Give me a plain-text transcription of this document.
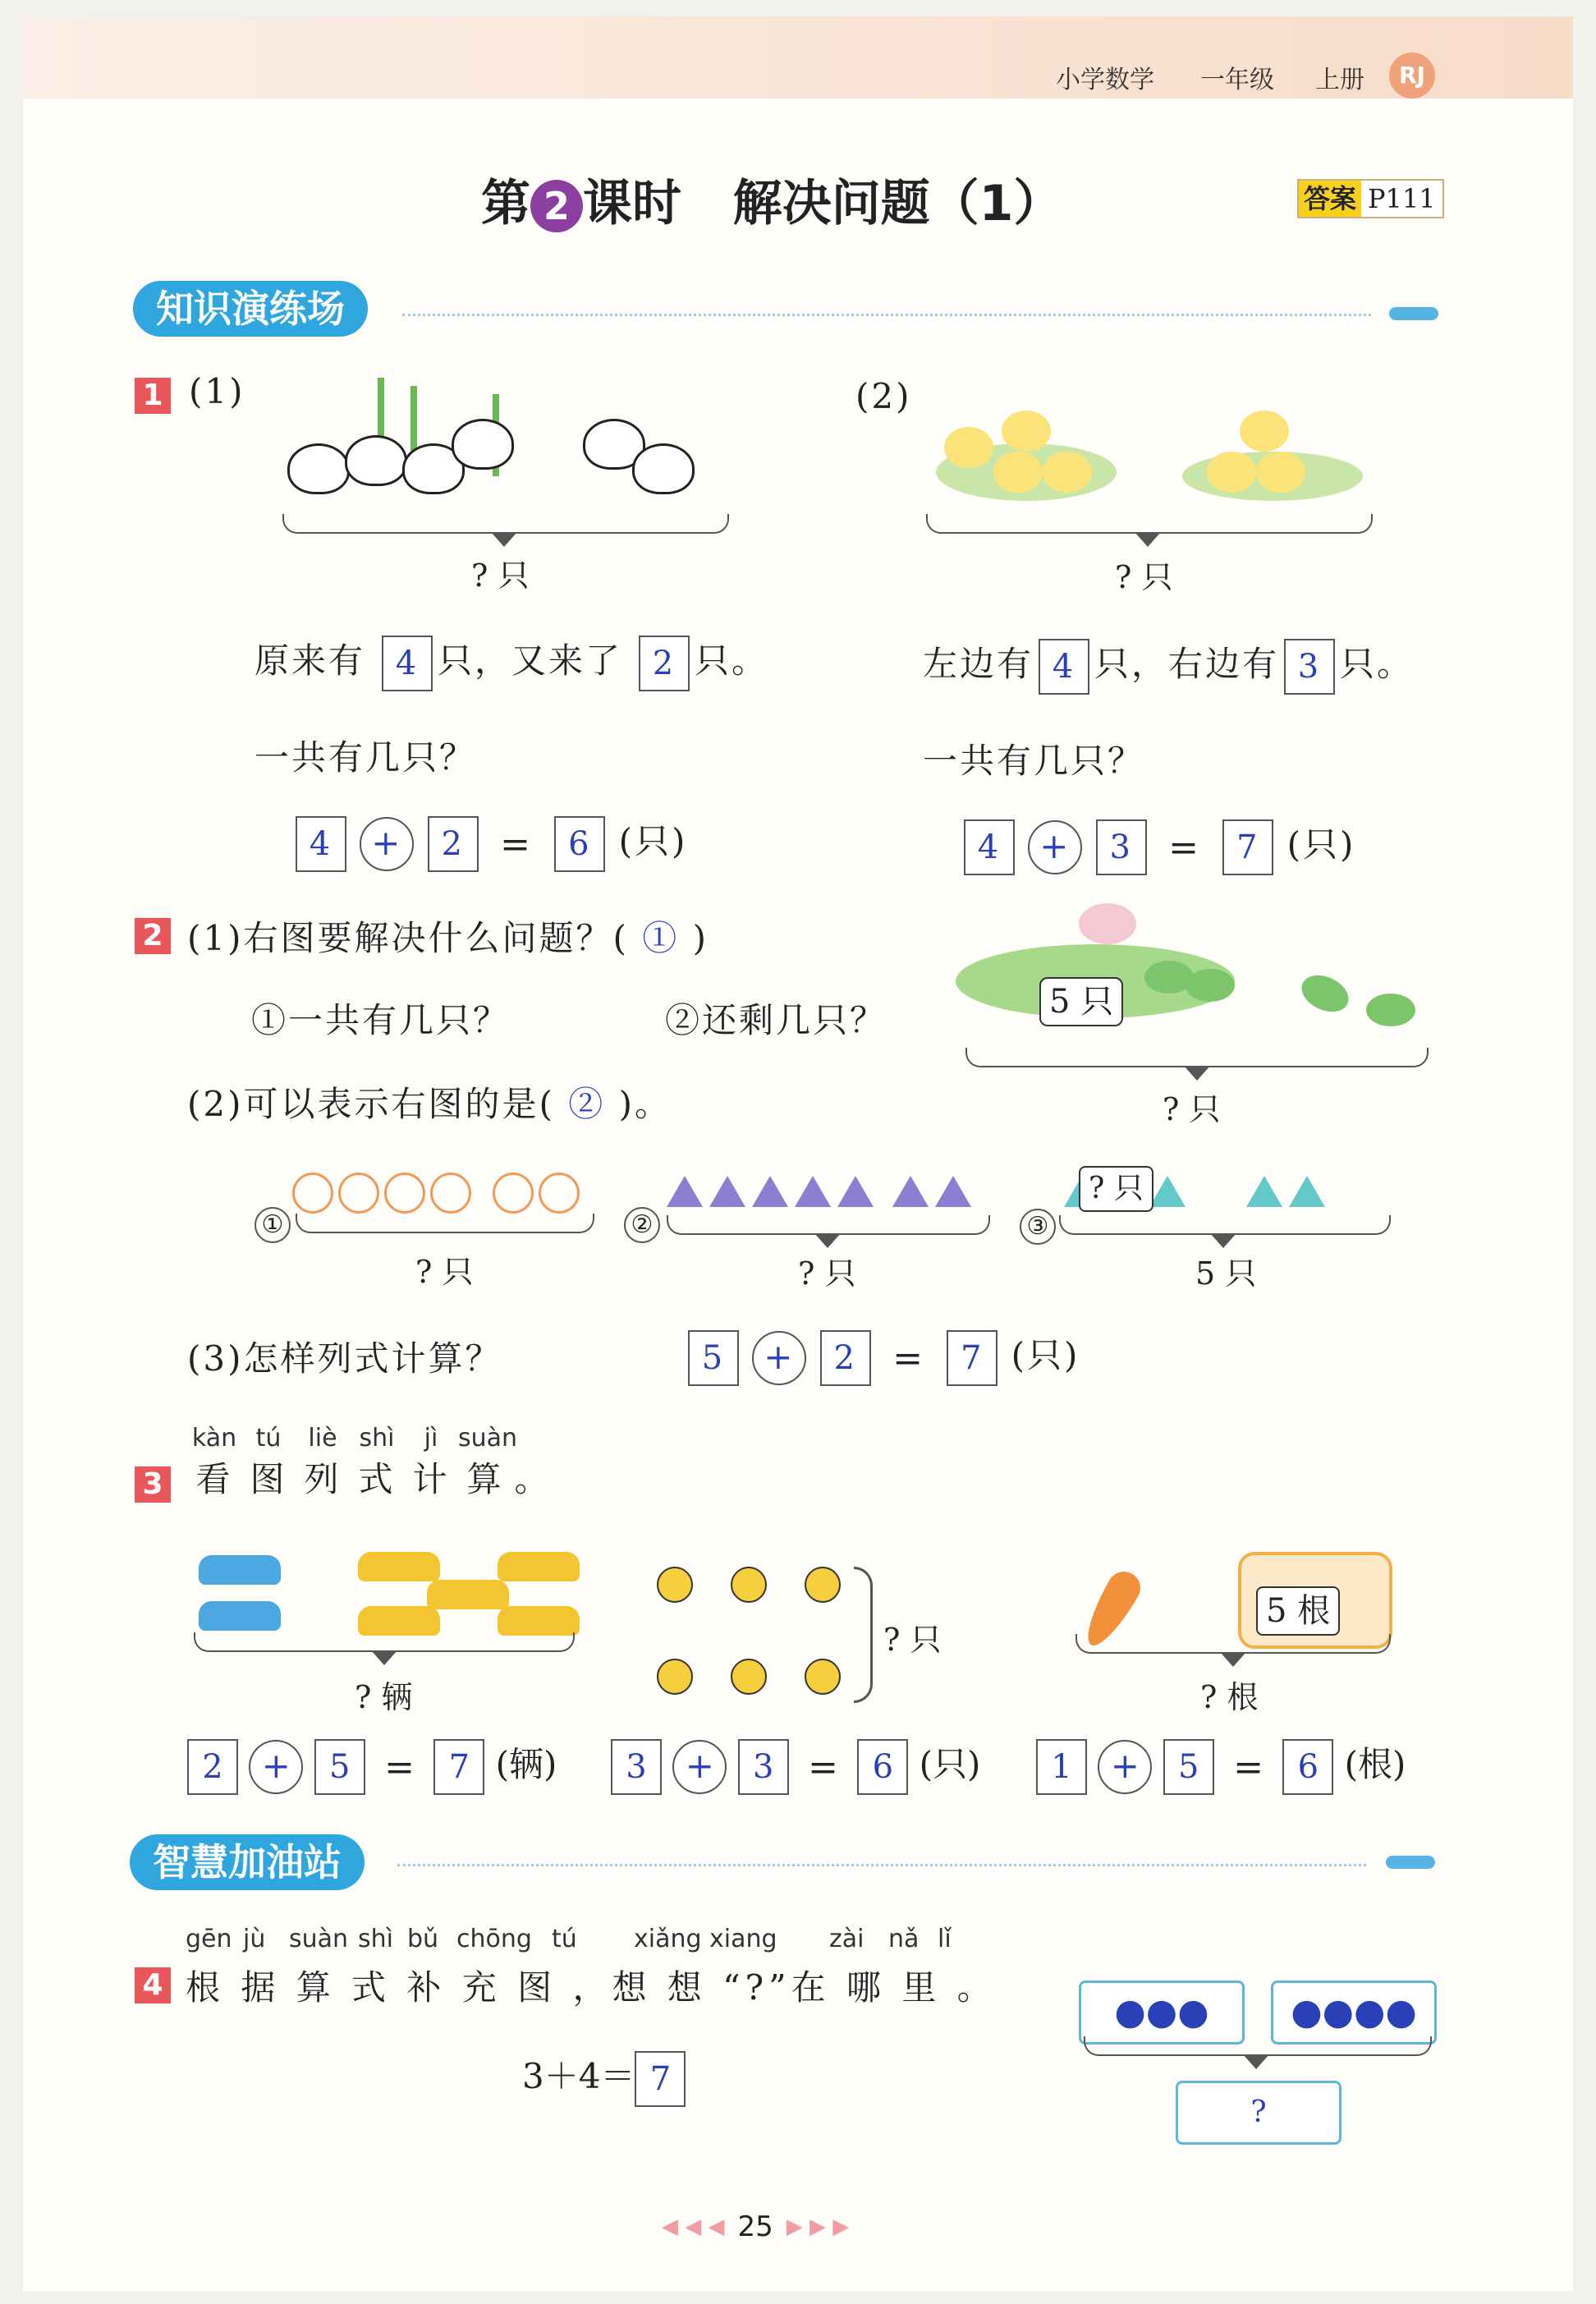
小学数学 一年级 上册	RJ
第 2 课时 解决问题（1）	答案 P111
知识演练场
1 (1)	(2)
? 只	? 只
原来有 4 只，又来了 2 只。
一共有几只？
4 + 2 = 6 (只)
左边有 4 只，右边有 3 只。
一共有几只？
4 + 3 = 7 (只)
2 (1)右图要解决什么问题？( ① )
①一共有几只？	②还剩几只？	5 只
? 只
(2)可以表示右图的是( ② )。
①

? 只
②

? 只
③

? 只
5 只
(3)怎样列式计算？	5 + 2 = 7 (只)
3
kàn
看
tú
图
liè
列
shì
式
jì
计
suàn
算
。
? 辆
? 只
5 根
? 根
2 + 5 = 7 (辆)	3 + 3 = 6 (只)	1 + 5 = 6 (根)
智慧加油站
4
gēn jù suàn shì bǔ chōng tú	xiǎng xiang	zài nǎ lǐ
根 据 算 式 补 充 图 ，想 想 “?”在 哪 里 。
3＋4＝ 7
●●●	●●●●
?
◀ ◀ ◀ 25 ▶ ▶ ▶
